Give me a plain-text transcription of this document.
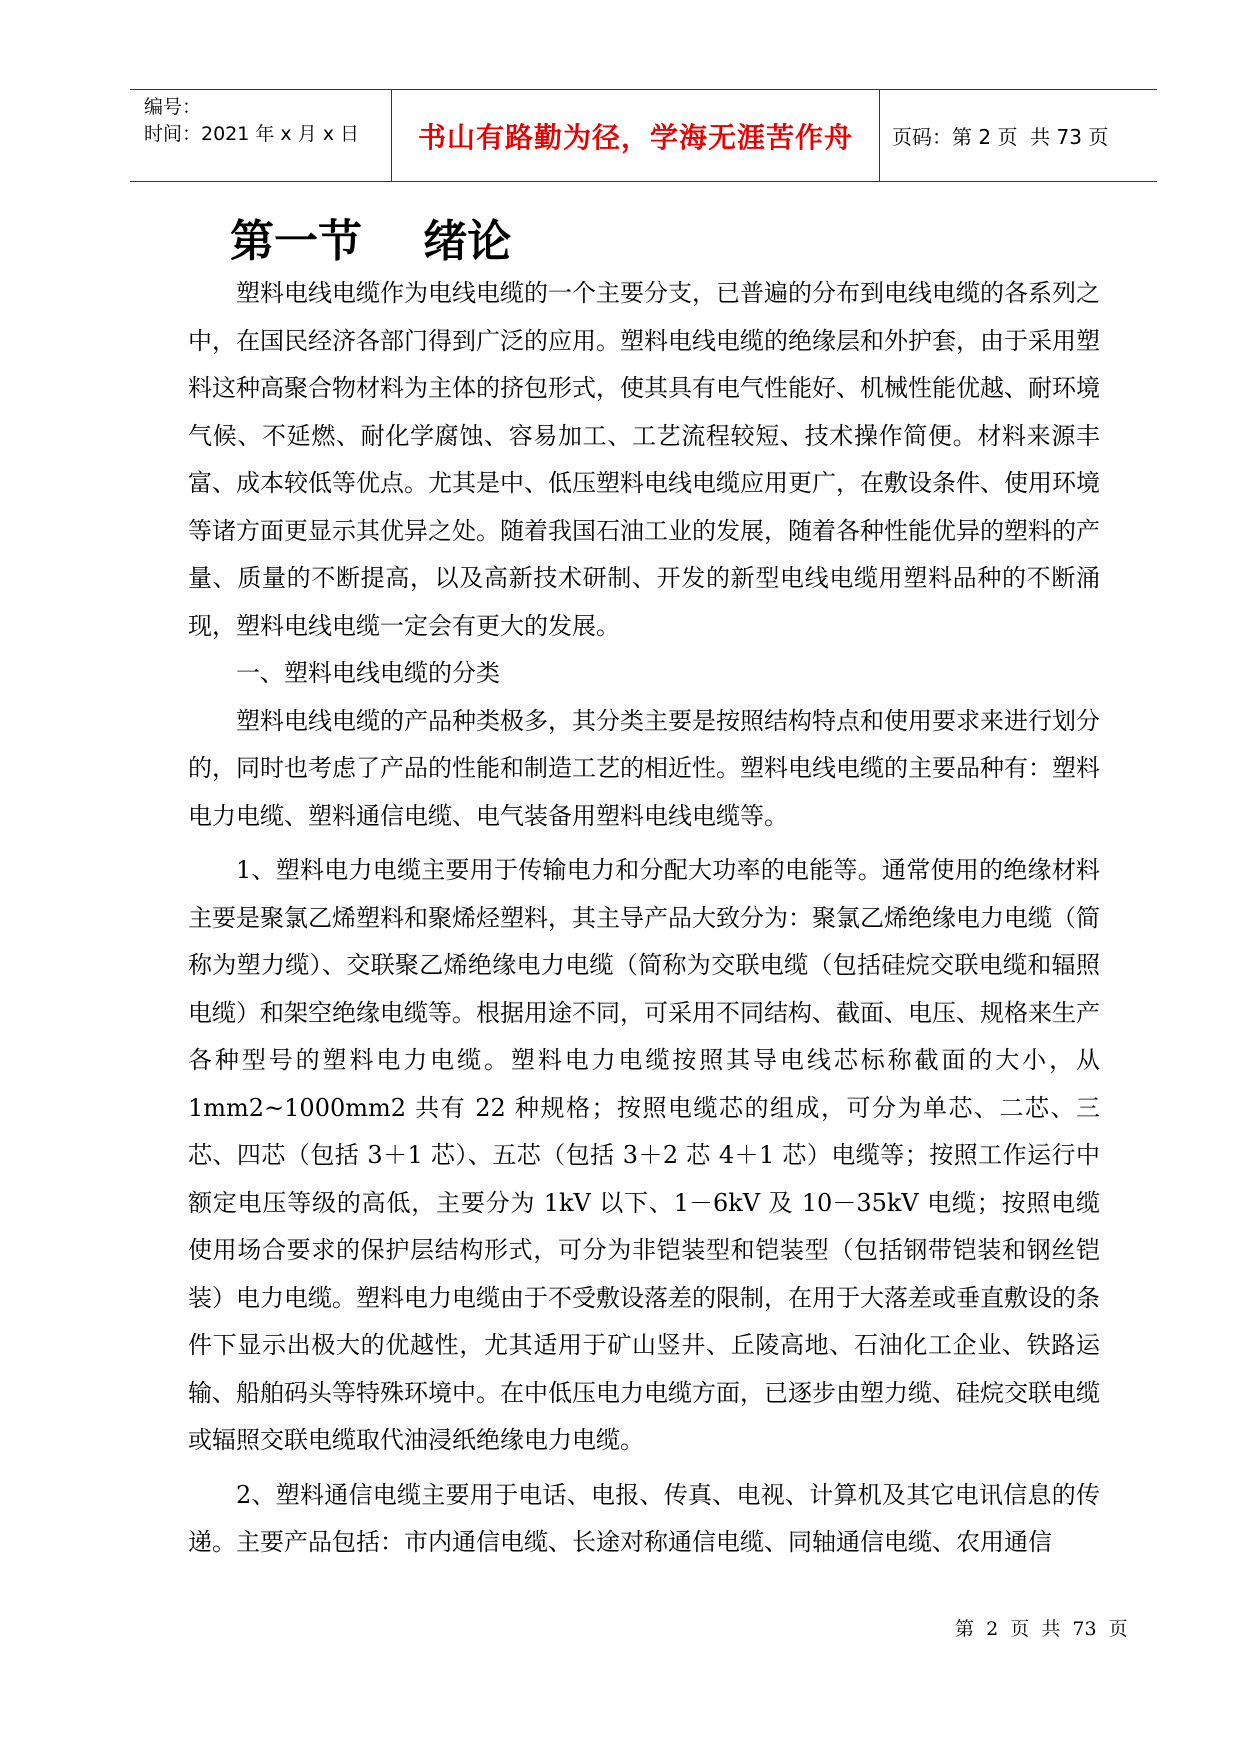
编号：
时间：2021 年 x 月 x 日	书山有路勤为径，学海无涯苦作舟	页码：第 2 页  共 73 页
第一节    绪论

塑料电线电缆作为电线电缆的一个主要分支，已普遍的分布到电线电缆的各系列之中，在国民经济各部门得到广泛的应用。塑料电线电缆的绝缘层和外护套，由于采用塑料这种高聚合物材料为主体的挤包形式，使其具有电气性能好、机械性能优越、耐环境气候、不延燃、耐化学腐蚀、容易加工、工艺流程较短、技术操作简便。材料来源丰富、成本较低等优点。尤其是中、低压塑料电线电缆应用更广，在敷设条件、使用环境等诸方面更显示其优异之处。随着我国石油工业的发展，随着各种性能优异的塑料的产量、质量的不断提高，以及高新技术研制、开发的新型电线电缆用塑料品种的不断涌现，塑料电线电缆一定会有更大的发展。

一、塑料电线电缆的分类

塑料电线电缆的产品种类极多，其分类主要是按照结构特点和使用要求来进行划分的，同时也考虑了产品的性能和制造工艺的相近性。塑料电线电缆的主要品种有：塑料电力电缆、塑料通信电缆、电气装备用塑料电线电缆等。

1、塑料电力电缆主要用于传输电力和分配大功率的电能等。通常使用的绝缘材料主要是聚氯乙烯塑料和聚烯烃塑料，其主导产品大致分为：聚氯乙烯绝缘电力电缆（简称为塑力缆）、交联聚乙烯绝缘电力电缆（简称为交联电缆（包括硅烷交联电缆和辐照电缆）和架空绝缘电缆等。根据用途不同，可采用不同结构、截面、电压、规格来生产各种型号的塑料电力电缆。塑料电力电缆按照其导电线芯标称截面的大小，从 1mm2~1000mm2 共有 22 种规格；按照电缆芯的组成，可分为单芯、二芯、三芯、四芯（包括 3＋1 芯）、五芯（包括 3＋2 芯 4＋1 芯）电缆等；按照工作运行中额定电压等级的高低，主要分为 1kV 以下、1－6kV 及 10－35kV 电缆；按照电缆使用场合要求的保护层结构形式，可分为非铠装型和铠装型（包括钢带铠装和钢丝铠装）电力电缆。塑料电力电缆由于不受敷设落差的限制，在用于大落差或垂直敷设的条件下显示出极大的优越性，尤其适用于矿山竖井、丘陵高地、石油化工企业、铁路运输、船舶码头等特殊环境中。在中低压电力电缆方面，已逐步由塑力缆、硅烷交联电缆或辐照交联电缆取代油浸纸绝缘电力电缆。

2、塑料通信电缆主要用于电话、电报、传真、电视、计算机及其它电讯信息的传递。主要产品包括：市内通信电缆、长途对称通信电缆、同轴通信电缆、农用通信

第  2  页  共  73  页
